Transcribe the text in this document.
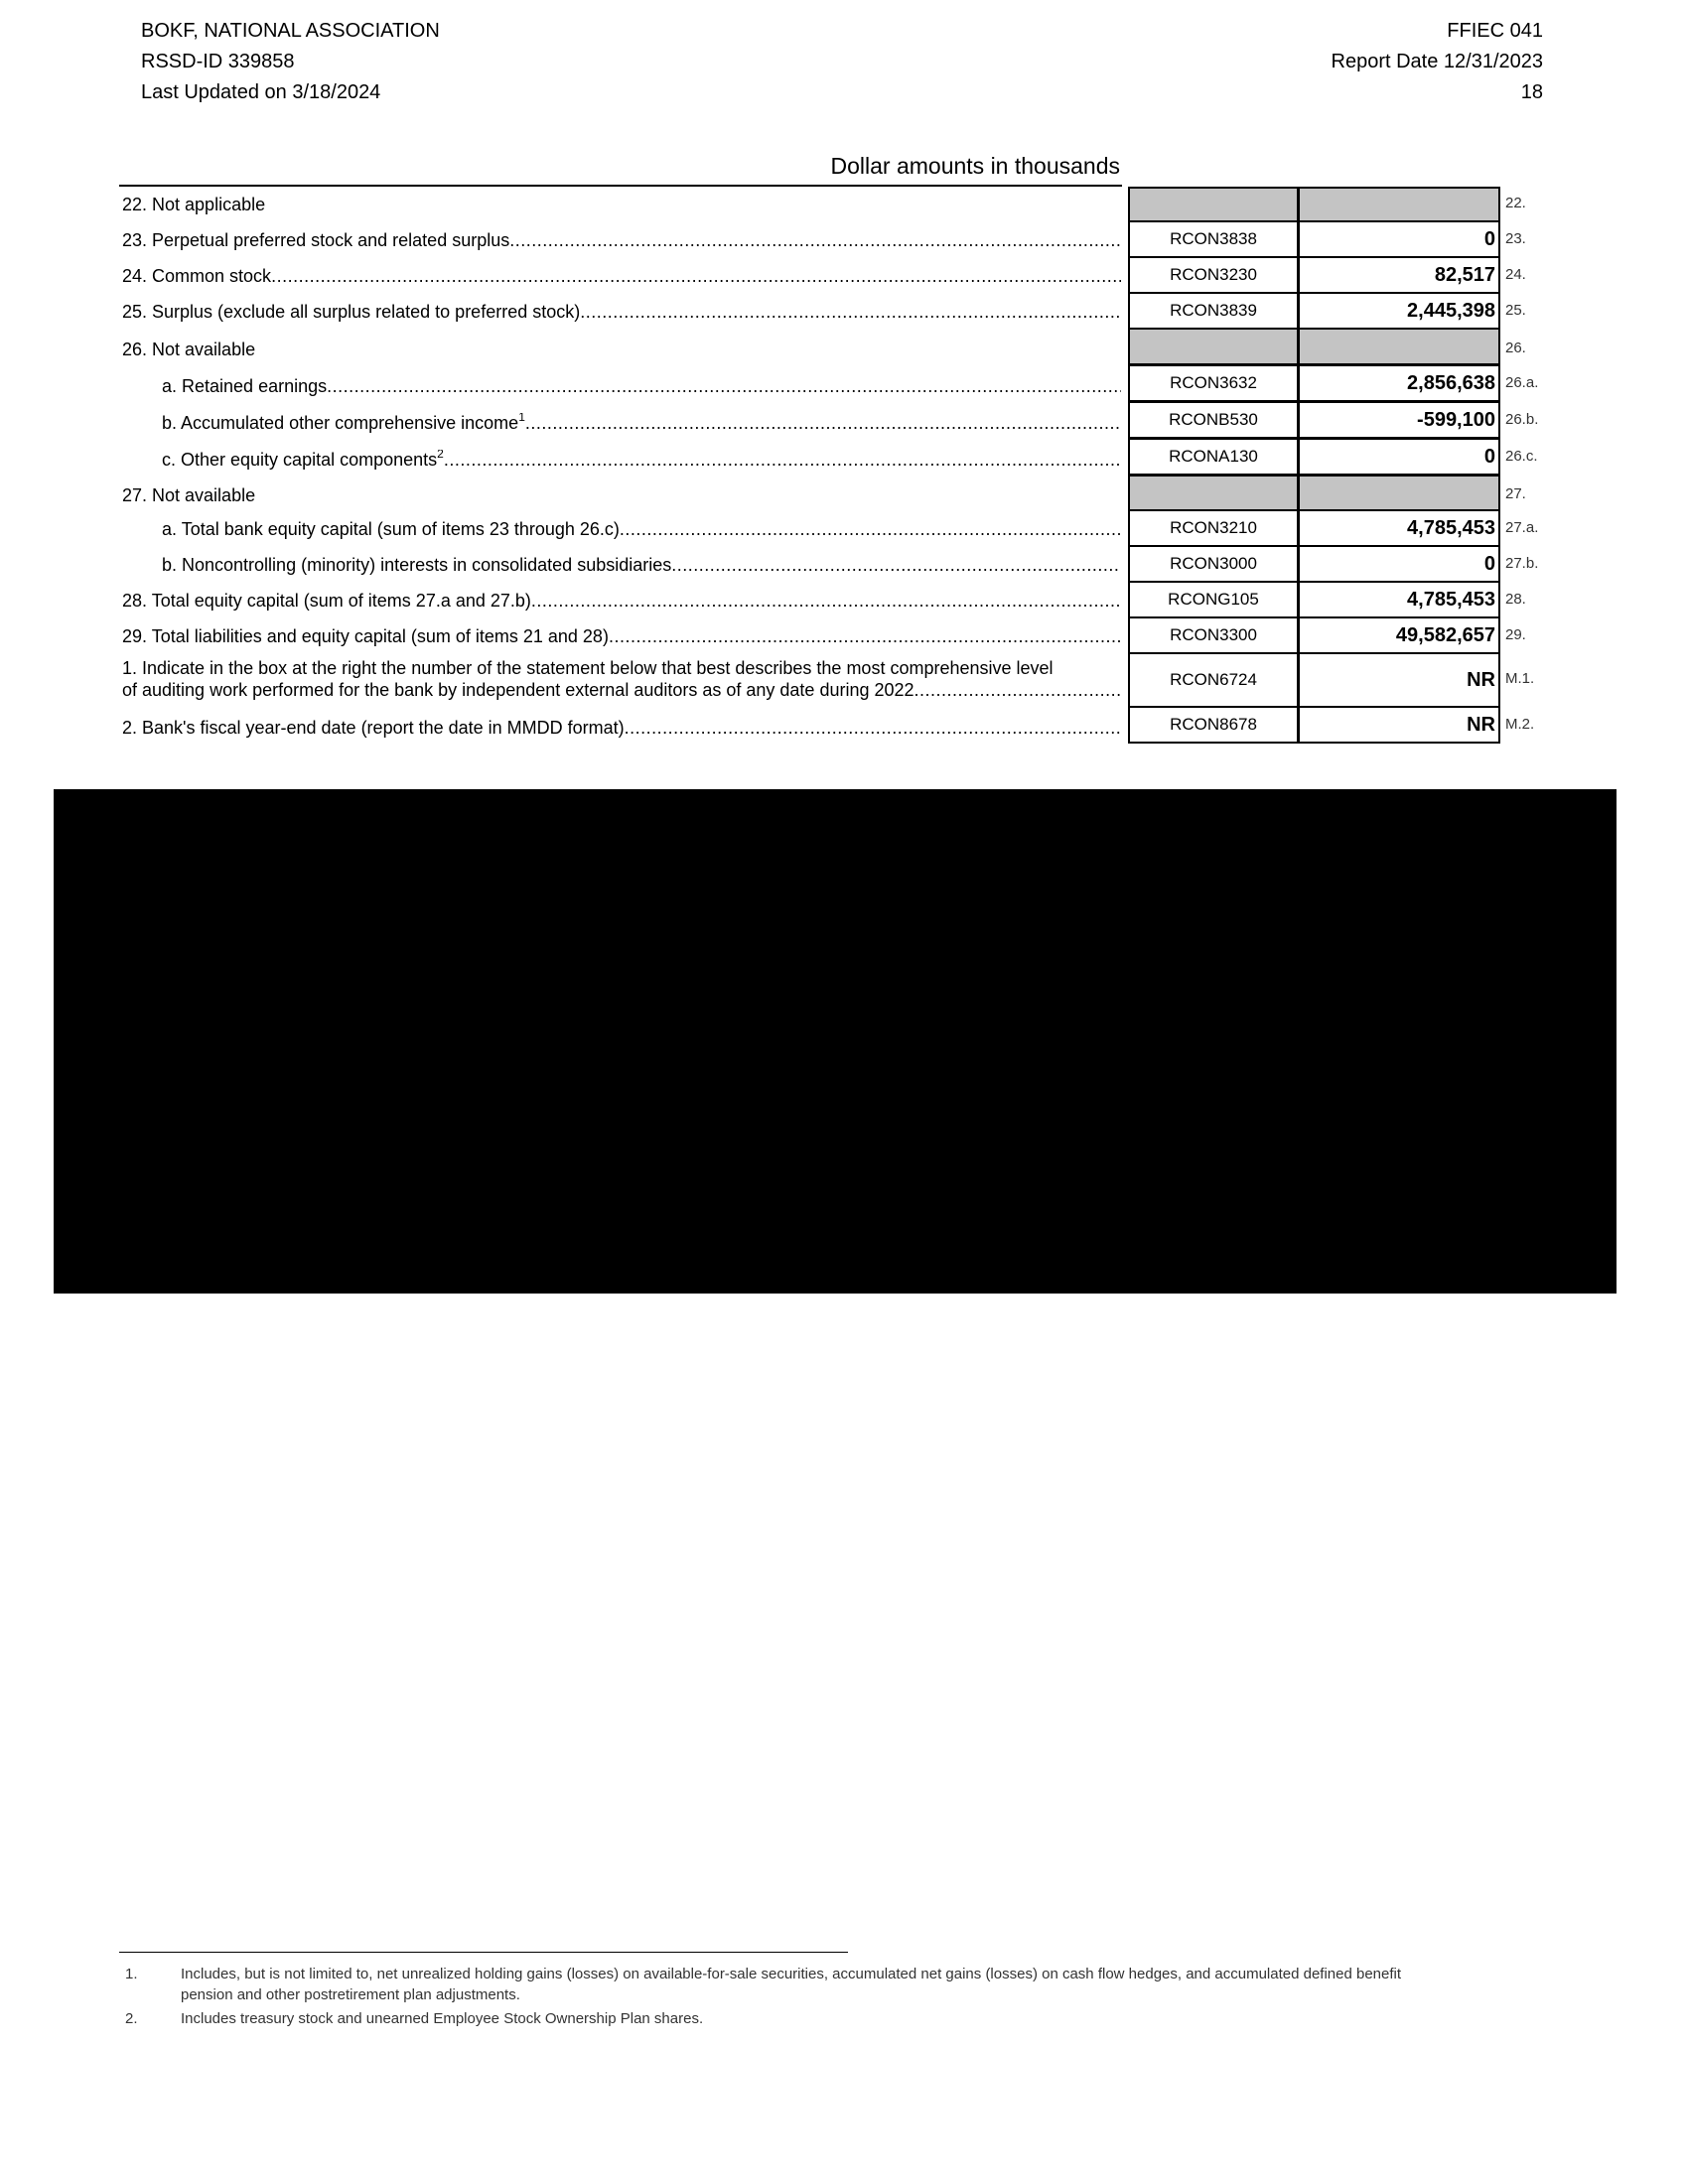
BOKF, NATIONAL ASSOCIATION
RSSD-ID 339858
Last Updated on 3/18/2024
FFIEC 041
Report Date 12/31/2023
18
Dollar amounts in thousands
22. Not applicable	22.
23. Perpetual preferred stock and related surplus .....	RCON3838	0 23.
24. Common stock .....	RCON3230	82,517 24.
25. Surplus (exclude all surplus related to preferred stock) .....	RCON3839	2,445,398 25.
26. Not available	26.
a. Retained earnings .....	RCON3632	2,856,638 26.a.
b. Accumulated other comprehensive income$^1$ .....	RCONB530	-599,100 26.b.
c. Other equity capital components$^2$ .....	RCONA130	0 26.c.
27. Not available	27.
a. Total bank equity capital (sum of items 23 through 26.c) .....	RCON3210	4,785,453 27.a.
b. Noncontrolling (minority) interests in consolidated subsidiaries .....	RCON3000	0 27.b.
28. Total equity capital (sum of items 27.a and 27.b) .....	RCONG105	4,785,453 28.
29. Total liabilities and equity capital (sum of items 21 and 28) .....	RCON3300	49,582,657 29.
1. Indicate in the box at the right the number of the statement below that best describes the most comprehensive level
of auditing work performed for the bank by independent external auditors as of any date during 2022
.....
RCON6724	NR M.1.
2. Bank's fiscal year-end date (report the date in MMDD format) .....	RCON8678	NR M.2.
1.	Includes, but is not limited to, net unrealized holding gains (losses) on available-for-sale securities, accumulated net gains (losses) on cash flow hedges, and accumulated defined benefit
pension and other postretirement plan adjustments.
2.	Includes treasury stock and unearned Employee Stock Ownership Plan shares.
